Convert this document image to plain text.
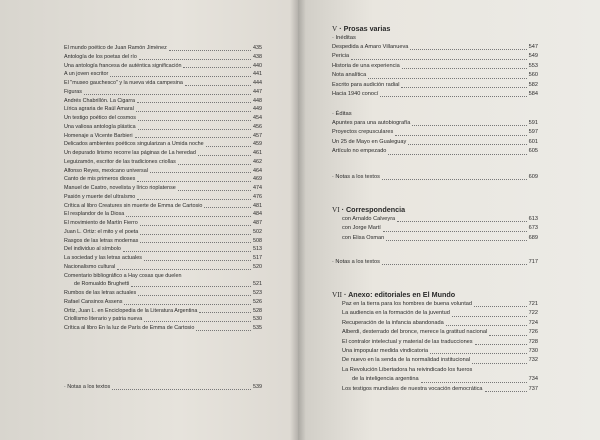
El mundo poético de Juan Ramón Jiménez	435
Antología de los poetas del río	438
Una antología francesa de auténtica significación	440
A un joven escritor	441
El "museo gauchesco" y la nueva vida campesina	444
Figuras	447
Andrés Chabrillón. La Cigarra	448
Lírica agraria de Raúl Amaral	449
Un testigo poético del cosmos	454
Una valiosa antología plástica	456
Homenaje a Vicente Barbieri	457
Delicados ambientes poéticos singularizan a Umida noche	459
Un depurado lirismo recorre las páginas de La heredad	461
Leguizamón, escritor de las tradiciones criollas	462
Alfonso Reyes, mexicano universal	464
Canto de mis primeros dioses	469
Manuel de Castro, novelista y lírico rioplatense	474
Pasión y muerte del ultraísmo	476
Crítica al libro Creatures sin muerte de Emma de Cartosio	481
El resplandor de la Diosa	484
El movimiento de Martín Fierro	487
Juan L. Ortiz: el mito y el poeta	502
Rasgos de las letras modernas	508
Del individuo al símbolo	513
La sociedad y las letras actuales	517
Nacionalismo cultural	520
Comentario bibliográfico a Hay cosas que duelen
de Romualdo Brughetti	521
Rumbos de las letras actuales	523
Rafael Cansinos Assens	526
Ortiz, Juan L. en Enciclopedia de la Literatura Argentina	528
Criollismo literario y patria nueva	530
Crítica al libro En la luz de París de Emma de Cartosio	535
V · Prosas varias
· Inéditas
Despedida a Amaro Villanueva	547
Pericia	549
Historia de una experiencia	553
Nota analítica	560
Escrito para audición radial	582
Hacia 1940 conocí	584
· Éditas
Apuntes para una autobiografía	591
Proyectos crepusculares	597
Un 25 de Mayo en Gualeguay	601
Artículo no empezado	605
· Notas a los textos	609
VI · Correspondencia
con Arnaldo Calveyra	613
con Jorge Martí	673
con Elisa Osman	689
· Notas a los textos	717
VII · Anexo: editoriales en El Mundo
Paz en la tierra para los hombres de buena voluntad	721
La audiencia en la formación de la juventud	722
Recuperación de la infancia abandonada	724
Alberdi, desterrado del bronce, merece la gratitud nacional	726
El contralor intelectual y material de las traducciones	728
Una impopular medida vindicatoria	730
De nuevo en la senda de la normalidad institucional	732
La Revolución Libertadora ha reivindicado los fueros
de la inteligencia argentina	734
Los testigos mundiales de nuestra vocación democrática	737
· Notas a los textos	539
